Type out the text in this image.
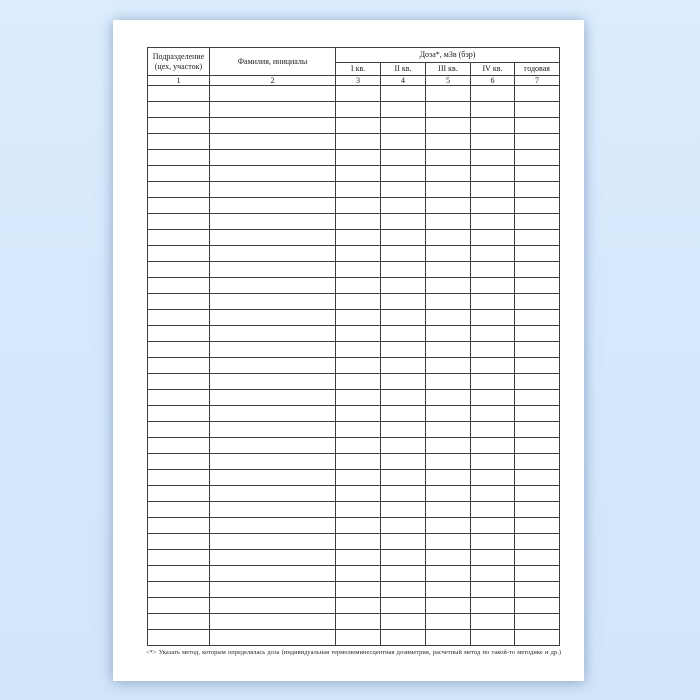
Подразделение
(цех, участок)	Фамилия, инициалы	Доза*, мЗв (бэр)				
		I кв.	II кв.	III кв.	IV кв.	годовая
1	2	3	4	5	6	7

<*> Указать метод, которым определялась доза (индивидуальная термолюминесцентная дозиметрия, расчетный метод по такой-то методике и др.)
